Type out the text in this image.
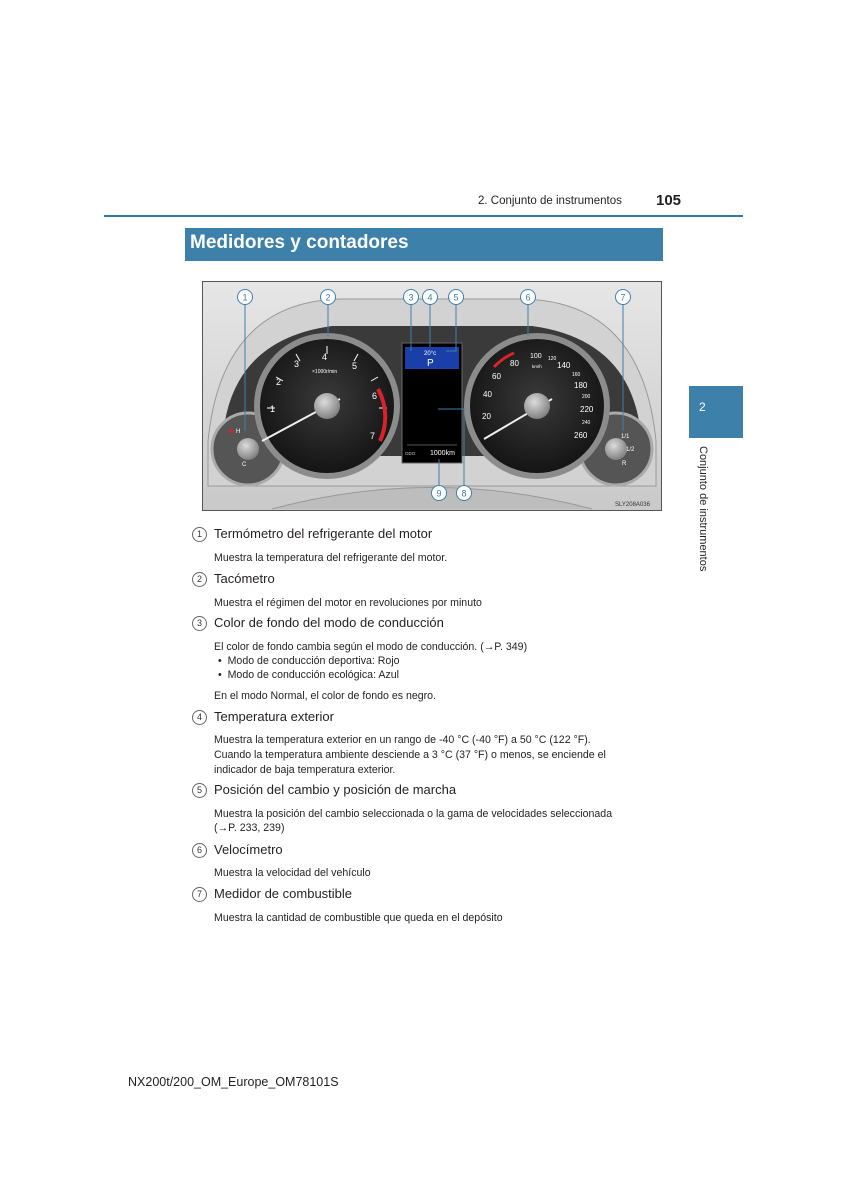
2. Conjunto de instrumentos 105
Medidores y contadores
2
Conjunto de instrumentos
H
C
1/1
1/2
R
1
2
3
4
5
6
7
×1000r/min
20°c
P
ODO 1000km
20
40
60
80
100 120
140
160
180
200
220
240
260
km/h
1	2	3 4 5	6	7
8
9
SLY208A036
1 Termómetro del refrigerante del motor
Muestra la temperatura del refrigerante del motor.
2 Tacómetro
Muestra el régimen del motor en revoluciones por minuto
3 Color de fondo del modo de conducción
El color de fondo cambia según el modo de conducción. (→P. 349)
•  Modo de conducción deportiva: Rojo
•  Modo de conducción ecológica: Azul
En el modo Normal, el color de fondo es negro.
4 Temperatura exterior
Muestra la temperatura exterior en un rango de -40 °C (-40 °F) a 50 °C (122 °F).
Cuando la temperatura ambiente desciende a 3 °C (37 °F) o menos, se enciende el
indicador de baja temperatura exterior.
5 Posición del cambio y posición de marcha
Muestra la posición del cambio seleccionada o la gama de velocidades seleccionada
(→P. 233, 239)
6 Velocímetro
Muestra la velocidad del vehículo
7 Medidor de combustible
Muestra la cantidad de combustible que queda en el depósito
NX200t/200_OM_Europe_OM78101S
